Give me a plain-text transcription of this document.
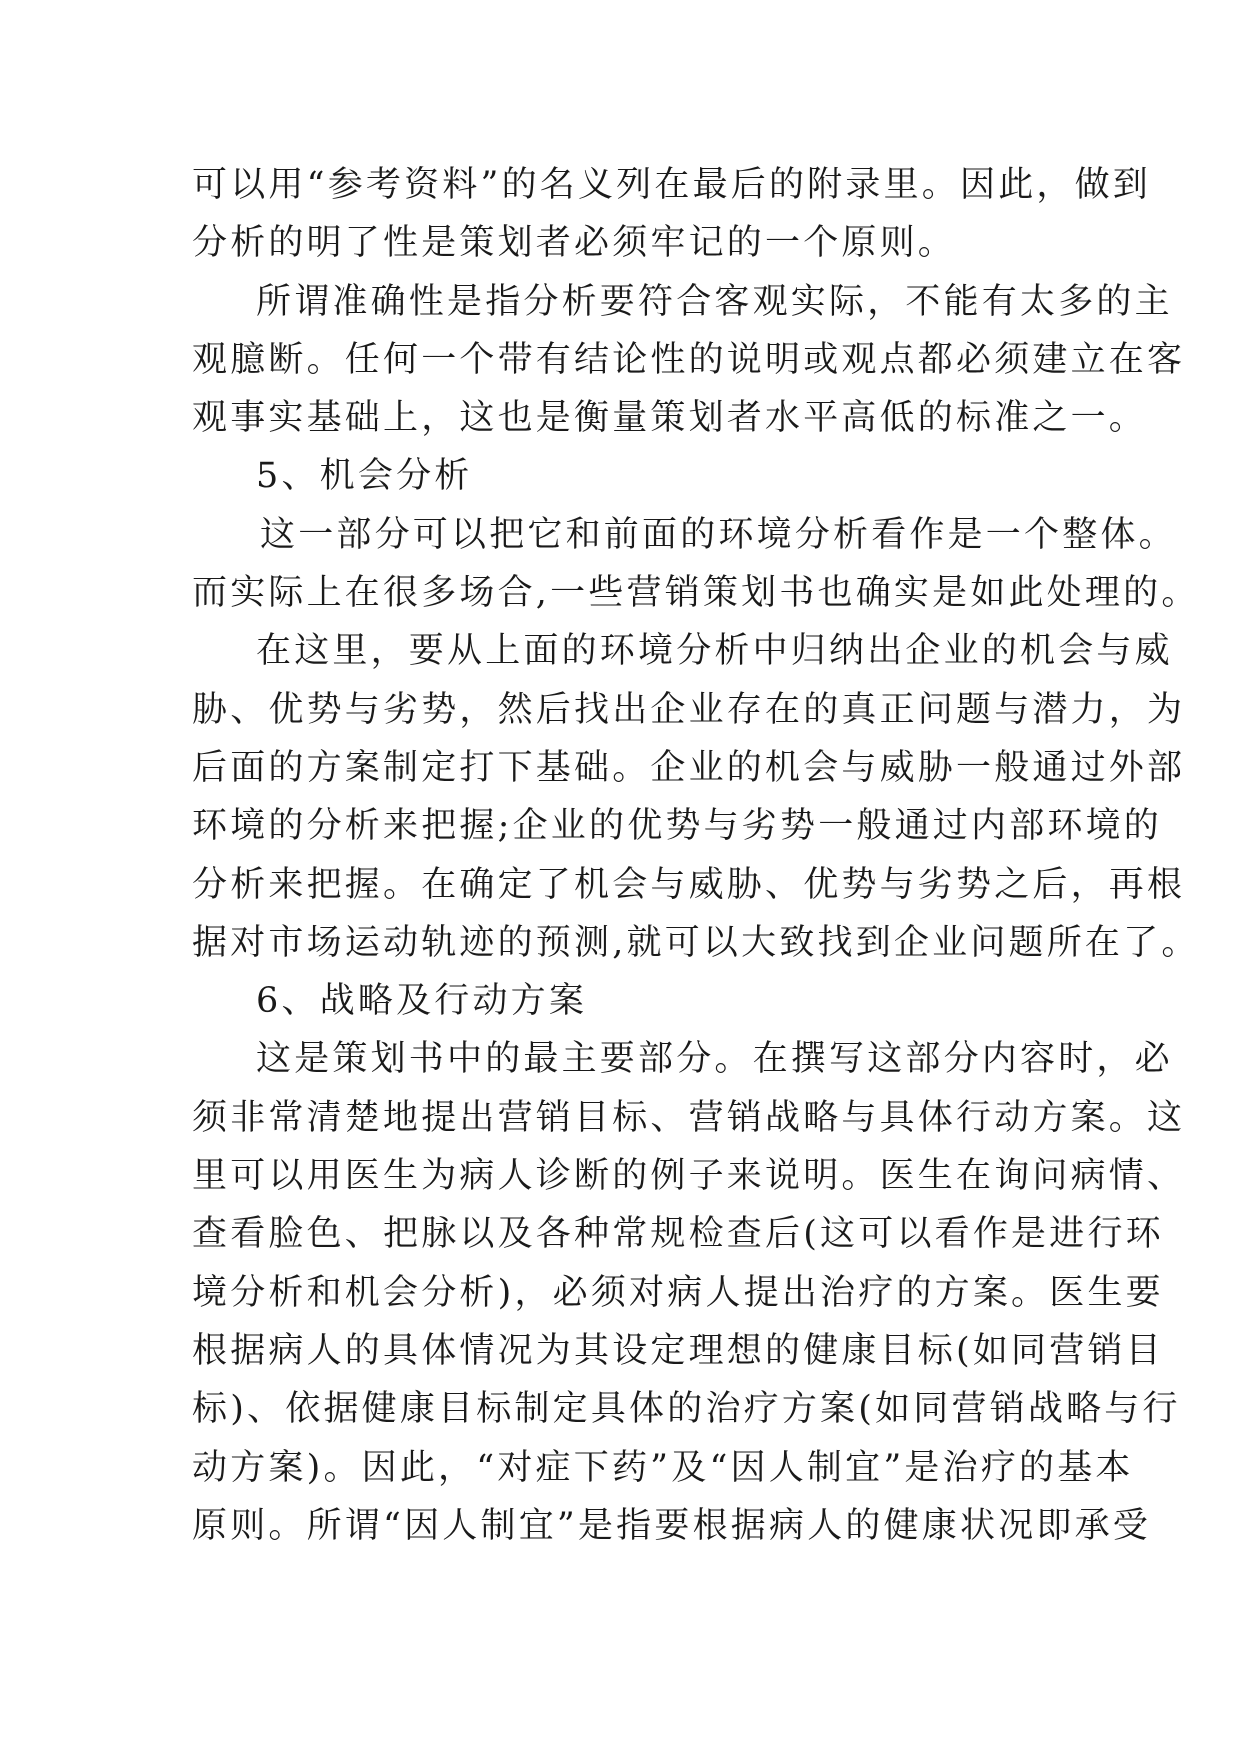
可以用“参考资料”的名义列在最后的附录里。因此，做到
分析的明了性是策划者必须牢记的一个原则。
所谓准确性是指分析要符合客观实际，不能有太多的主
观臆断。任何一个带有结论性的说明或观点都必须建立在客
观事实基础上，这也是衡量策划者水平高低的标准之一。
5、机会分析
这一部分可以把它和前面的环境分析看作是一个整体。
而实际上在很多场合,一些营销策划书也确实是如此处理的。
在这里，要从上面的环境分析中归纳出企业的机会与威
胁、优势与劣势，然后找出企业存在的真正问题与潜力，为
后面的方案制定打下基础。企业的机会与威胁一般通过外部
环境的分析来把握;企业的优势与劣势一般通过内部环境的
分析来把握。在确定了机会与威胁、优势与劣势之后，再根
据对市场运动轨迹的预测,就可以大致找到企业问题所在了。
6、战略及行动方案
这是策划书中的最主要部分。在撰写这部分内容时，必
须非常清楚地提出营销目标、营销战略与具体行动方案。这
里可以用医生为病人诊断的例子来说明。医生在询问病情、
查看脸色、把脉以及各种常规检查后(这可以看作是进行环
境分析和机会分析)，必须对病人提出治疗的方案。医生要
根据病人的具体情况为其设定理想的健康目标(如同营销目
标)、依据健康目标制定具体的治疗方案(如同营销战略与行
动方案)。因此，“对症下药”及“因人制宜”是治疗的基本
原则。所谓“因人制宜”是指要根据病人的健康状况即承受
